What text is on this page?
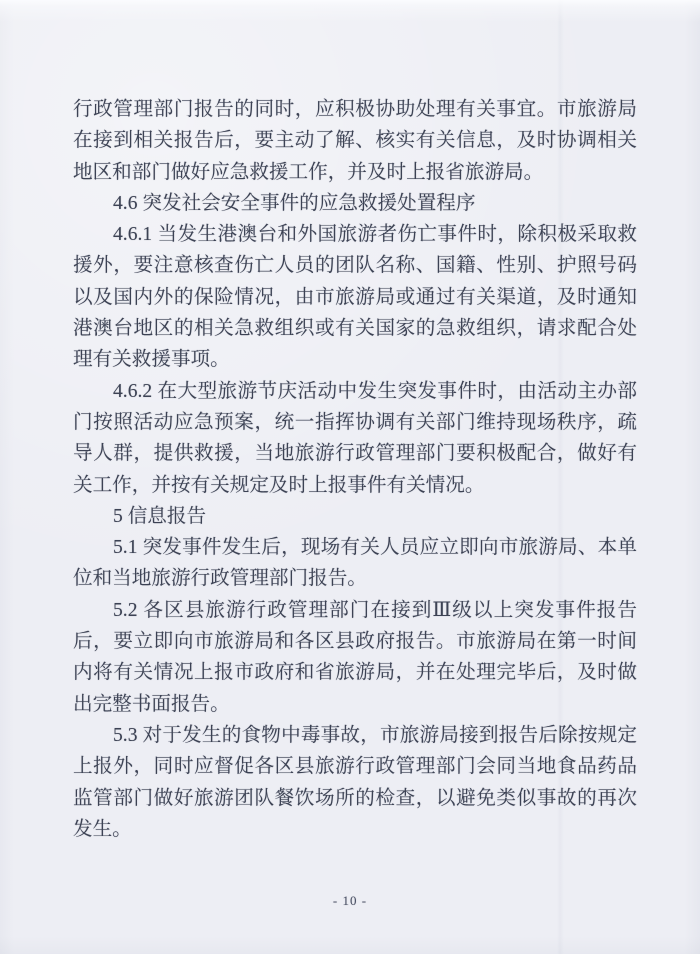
行政管理部门报告的同时，应积极协助处理有关事宜。市旅游局
在接到相关报告后，要主动了解、核实有关信息，及时协调相关
地区和部门做好应急救援工作，并及时上报省旅游局。
4.6 突发社会安全事件的应急救援处置程序
4.6.1 当发生港澳台和外国旅游者伤亡事件时，除积极采取救
援外，要注意核查伤亡人员的团队名称、国籍、性别、护照号码
以及国内外的保险情况，由市旅游局或通过有关渠道，及时通知
港澳台地区的相关急救组织或有关国家的急救组织，请求配合处
理有关救援事项。
4.6.2 在大型旅游节庆活动中发生突发事件时，由活动主办部
门按照活动应急预案，统一指挥协调有关部门维持现场秩序，疏
导人群，提供救援，当地旅游行政管理部门要积极配合，做好有
关工作，并按有关规定及时上报事件有关情况。
5 信息报告
5.1 突发事件发生后，现场有关人员应立即向市旅游局、本单
位和当地旅游行政管理部门报告。
5.2 各区县旅游行政管理部门在接到Ⅲ级以上突发事件报告
后，要立即向市旅游局和各区县政府报告。市旅游局在第一时间
内将有关情况上报市政府和省旅游局，并在处理完毕后，及时做
出完整书面报告。
5.3 对于发生的食物中毒事故，市旅游局接到报告后除按规定
上报外，同时应督促各区县旅游行政管理部门会同当地食品药品
监管部门做好旅游团队餐饮场所的检查，以避免类似事故的再次
发生。
- 10 -
